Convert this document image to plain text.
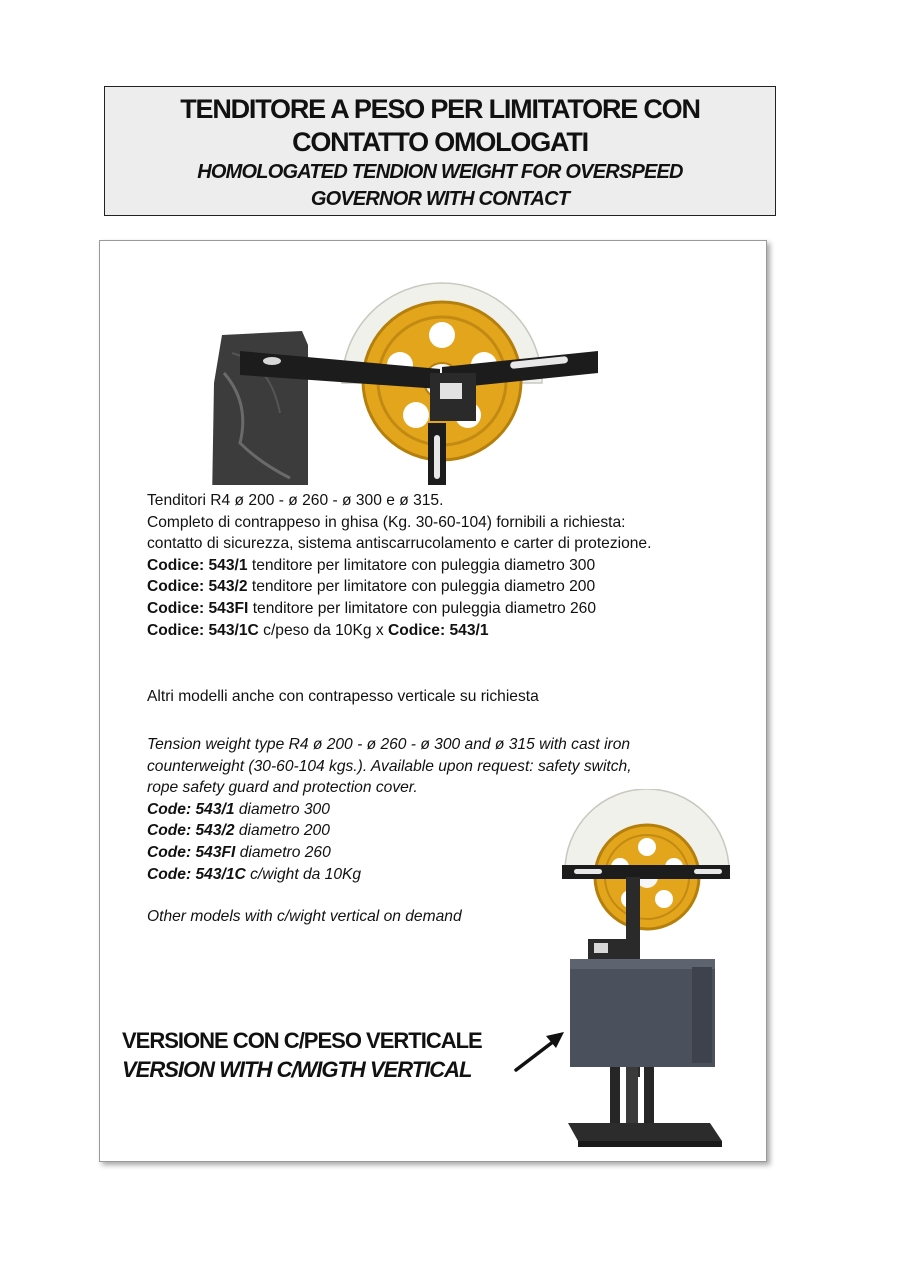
TENDITORE A PESO PER LIMITATORE CON
CONTATTO OMOLOGATI
HOMOLOGATED TENDION WEIGHT FOR OVERSPEED
GOVERNOR WITH CONTACT
Tenditori R4 ø 200 - ø 260 - ø 300 e ø 315.
Completo di contrappeso in ghisa (Kg. 30-60-104) fornibili a richiesta:
contatto di sicurezza, sistema antiscarrucolamento e carter di protezione.
Codice: 543/1 tenditore per limitatore con puleggia diametro 300
Codice: 543/2 tenditore per limitatore con puleggia diametro 200
Codice: 543FI tenditore per limitatore con puleggia diametro 260
Codice: 543/1C c/peso da 10Kg x Codice: 543/1
Altri modelli anche con contrapesso verticale su richiesta
Tension weight type R4 ø 200 - ø 260 - ø 300 and ø 315 with cast iron
counterweight (30-60-104 kgs.). Available upon request: safety switch,
rope safety guard and protection cover.
Code: 543/1 diametro 300
Code: 543/2 diametro 200
Code: 543FI diametro 260
Code: 543/1C c/wight da 10Kg
Other models with c/wight vertical on demand
VERSIONE CON C/PESO VERTICALE
VERSION WITH C/WIGTH VERTICAL
